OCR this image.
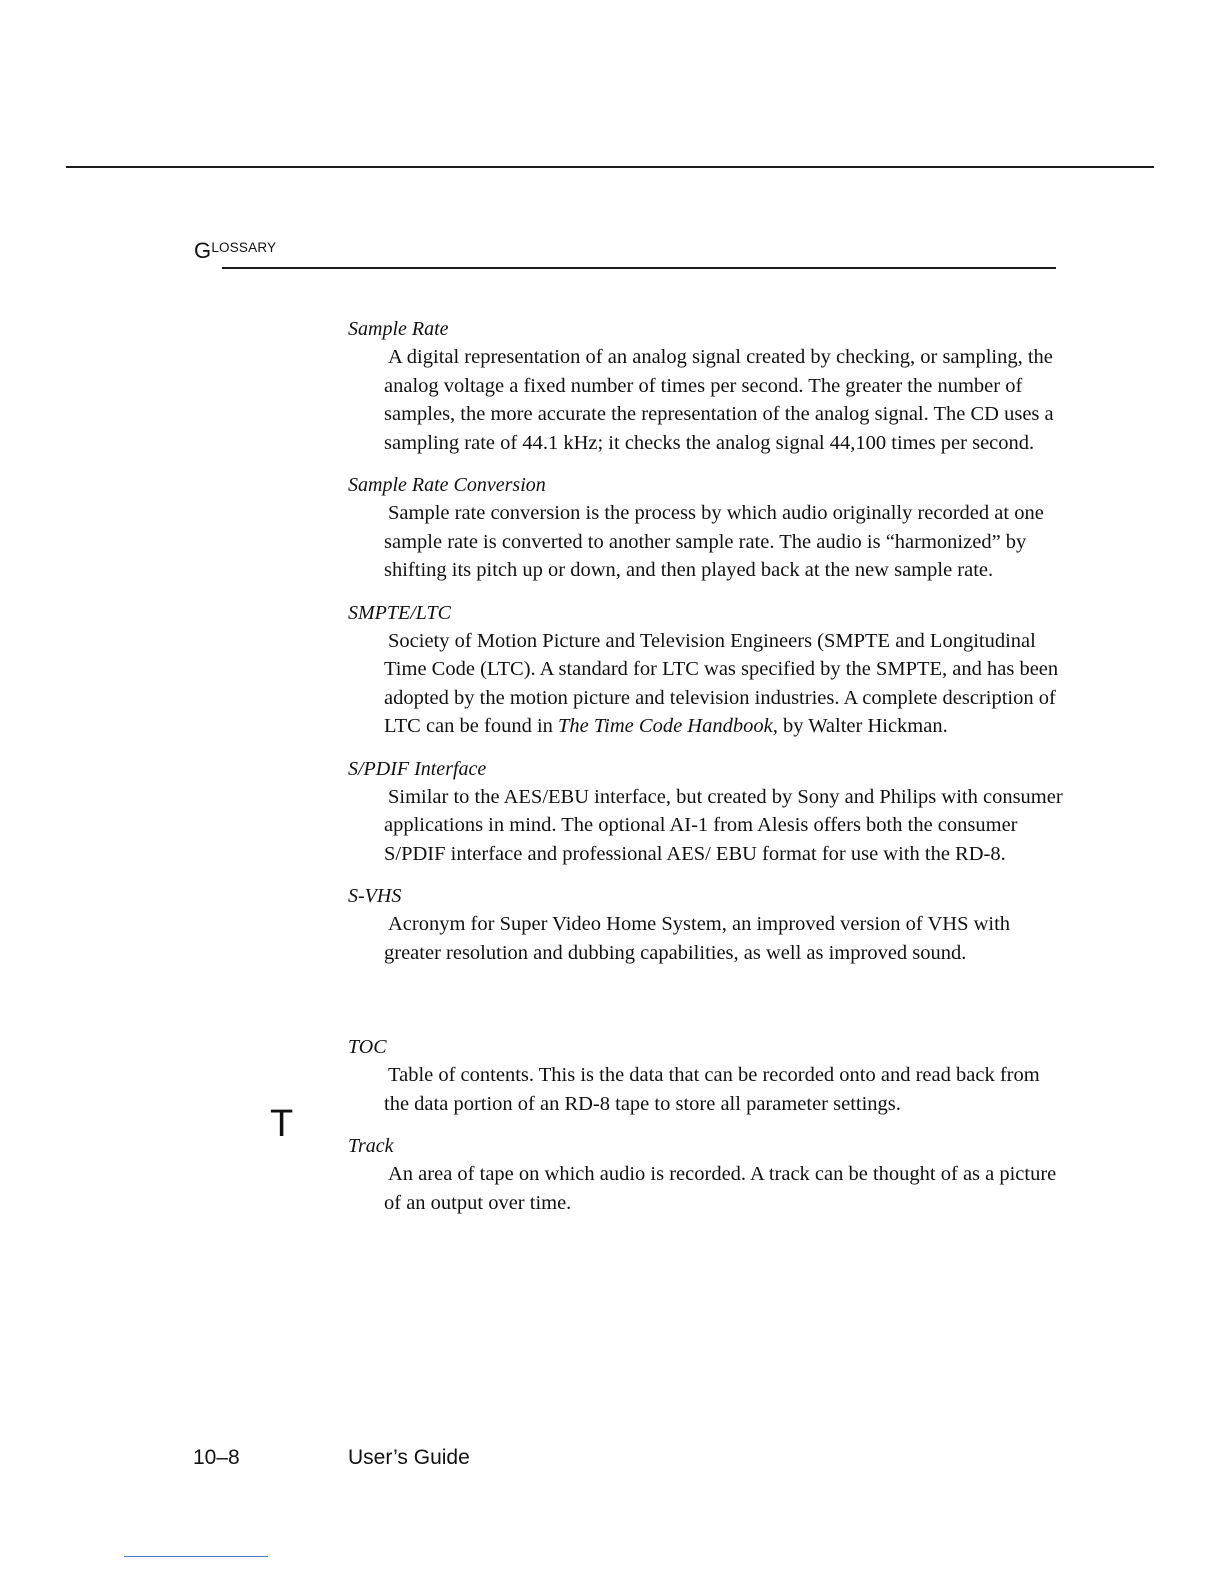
GLOSSARY

Sample Rate

A digital representation of an analog signal created by checking, or sampling, the analog voltage a fixed number of times per second. The greater the number of samples, the more accurate the representation of the analog signal. The CD uses a sampling rate of 44.1 kHz; it checks the analog signal 44,100 times per second.

Sample Rate Conversion

Sample rate conversion is the process by which audio originally recorded at one sample rate is converted to another sample rate. The audio is “harmonized” by shifting its pitch up or down, and then played back at the new sample rate.

SMPTE/LTC

Society of Motion Picture and Television Engineers (SMPTE and Longitudinal Time Code (LTC). A standard for LTC was specified by the SMPTE, and has been adopted by the motion picture and television industries. A complete description of LTC can be found in The Time Code Handbook, by Walter Hickman.

S/PDIF Interface

Similar to the AES/EBU interface, but created by Sony and Philips with consumer applications in mind. The optional AI-1 from Alesis offers both the consumer S/PDIF interface and professional AES/ EBU format for use with the RD-8.

S-VHS

Acronym for Super Video Home System, an improved version of VHS with greater resolution and dubbing capabilities, as well as improved sound.

TOC

Table of contents. This is the data that can be recorded onto and read back from the data portion of an RD-8 tape to store all parameter settings.

Track

An area of tape on which audio is recorded. A track can be thought of as a picture of an output over time.

T
10–8	User’s Guide
